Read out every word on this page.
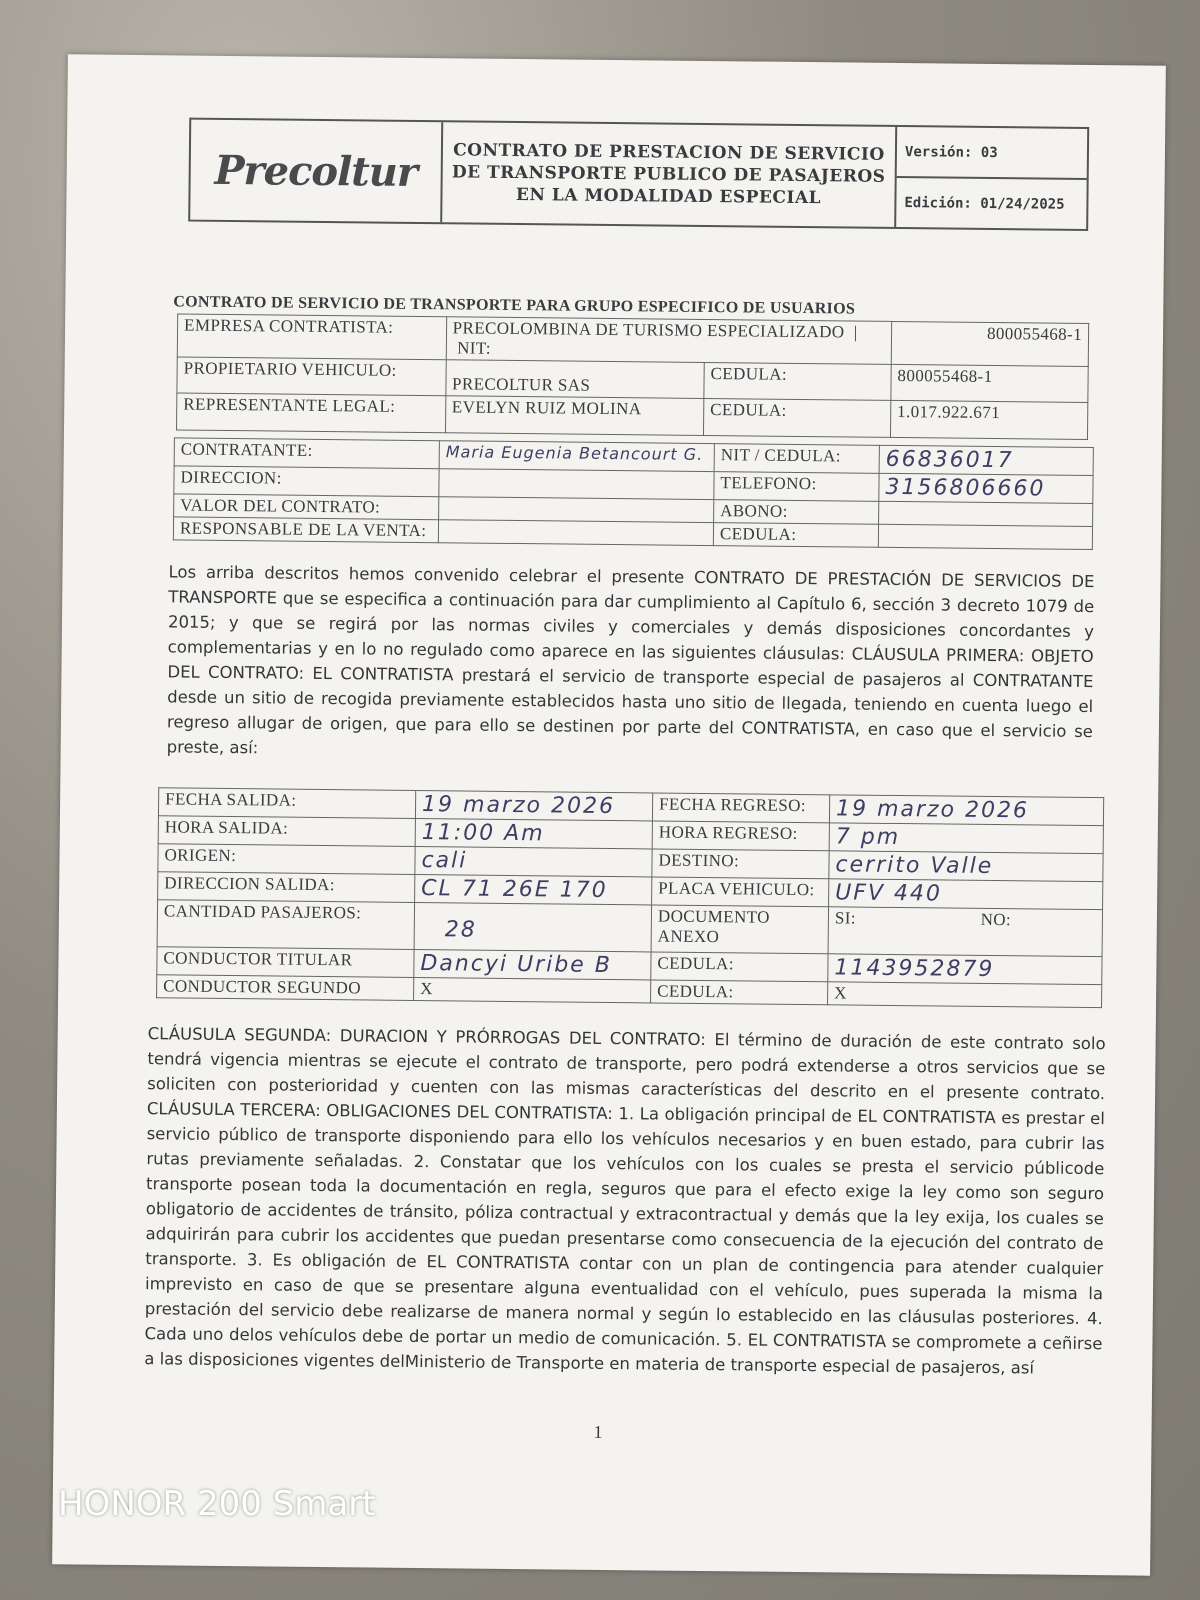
Precoltur CONTRATO DE PRESTACION DE SERVICIO
DE TRANSPORTE PUBLICO DE PASAJEROS
EN LA MODALIDAD ESPECIAL
Versión: 03
Edición: 01/24/2025
CONTRATO DE SERVICIO DE TRANSPORTE PARA GRUPO ESPECIFICO DE USUARIOS
EMPRESA CONTRATISTA:	PRECOLOMBINA DE TURISMO ESPECIALIZADO  | NIT:		800055468-1
PROPIETARIO VEHICULO:	PRECOLTUR SAS	CEDULA:	800055468-1
REPRESENTANTE LEGAL:	EVELYN RUIZ MOLINA	CEDULA:	1.017.922.671
CONTRATANTE:	Maria Eugenia Betancourt G.	NIT / CEDULA:	66836017
DIRECCION:		TELEFONO:	3156806660
VALOR DEL CONTRATO:		ABONO:	
RESPONSABLE DE LA VENTA:		CEDULA:	
Los arriba descritos hemos convenido celebrar el presente CONTRATO DE PRESTACIÓN DE SERVICIOS DE TRANSPORTE que se especifica a continuación para dar cumplimiento al Capítulo 6, sección 3 decreto 1079 de 2015; y que se regirá por las normas civiles y comerciales y demás disposiciones concordantes y complementarias y en lo no regulado como aparece en las siguientes cláusulas: CLÁUSULA PRIMERA: OBJETO DEL CONTRATO: EL CONTRATISTA prestará el servicio de transporte especial de pasajeros al CONTRATANTE desde un sitio de recogida previamente establecidos hasta uno sitio de llegada, teniendo en cuenta luego el regreso allugar de origen, que para ello se destinen por parte del CONTRATISTA, en caso que el servicio se preste, así:
FECHA SALIDA:	19 marzo 2026	FECHA REGRESO:	19 marzo 2026
HORA SALIDA:	11:00 Am	HORA REGRESO:	7 pm
ORIGEN:	cali	DESTINO:	cerrito Valle
DIRECCION SALIDA:	CL 71 26E 170	PLACA VEHICULO:	UFV 440
CANTIDAD PASAJEROS:	28	DOCUMENTO ANEXO	SI: NO:
CONDUCTOR TITULAR	Dancyi Uribe B	CEDULA:	1143952879
CONDUCTOR SEGUNDO	X	CEDULA:	X
CLÁUSULA SEGUNDA: DURACION Y PRÓRROGAS DEL CONTRATO: El término de duración de este contrato solo tendrá vigencia mientras se ejecute el contrato de transporte, pero podrá extenderse a otros servicios que se soliciten con posterioridad y cuenten con las mismas características del descrito en el presente contrato. CLÁUSULA TERCERA: OBLIGACIONES DEL CONTRATISTA: 1. La obligación principal de EL CONTRATISTA es prestar el servicio público de transporte disponiendo para ello los vehículos necesarios y en buen estado, para cubrir las rutas previamente señaladas. 2. Constatar que los vehículos con los cuales se presta el servicio públicode transporte posean toda la documentación en regla, seguros que para el efecto exige la ley como son seguro obligatorio de accidentes de tránsito, póliza contractual y extracontractual y demás que la ley exija, los cuales se adquirirán para cubrir los accidentes que puedan presentarse como consecuencia de la ejecución del contrato de transporte. 3. Es obligación de EL CONTRATISTA contar con un plan de contingencia para atender cualquier imprevisto en caso de que se presentare alguna eventualidad con el vehículo, pues superada la misma la prestación del servicio debe realizarse de manera normal y según lo establecido en las cláusulas posteriores. 4. Cada uno delos vehículos debe de portar un medio de comunicación. 5. EL CONTRATISTA se compromete a ceñirse a las disposiciones vigentes delMinisterio de Transporte en materia de transporte especial de pasajeros, así
1
HONOR 200 Smart
